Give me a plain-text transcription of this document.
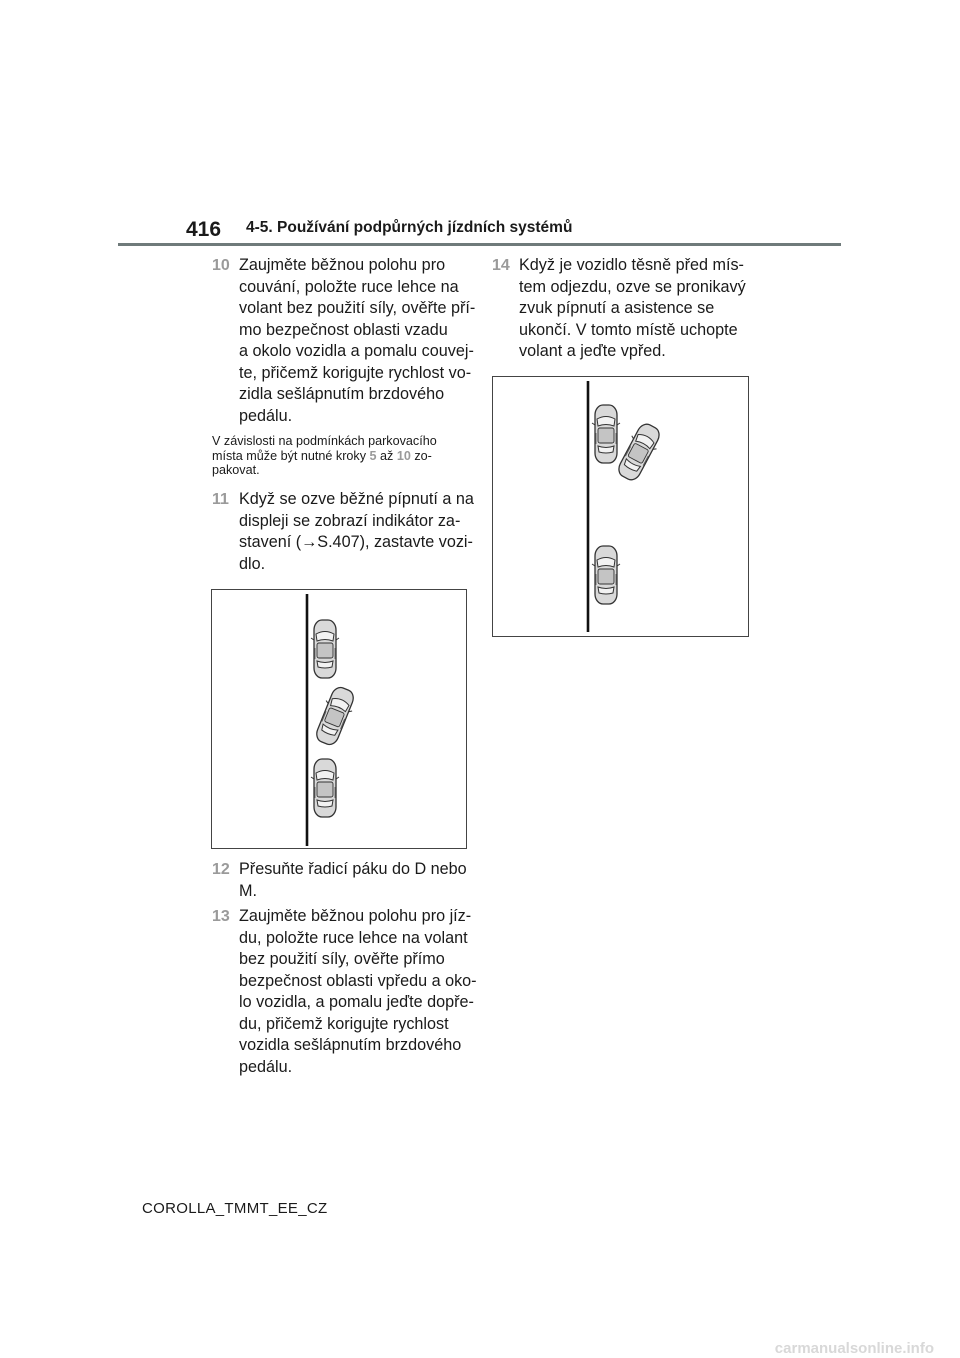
416 4-5. Používání podpůrných jízdních systémů
10 Zaujměte běžnou polohu pro
couvání, položte ruce lehce na
volant bez použití síly, ověřte pří-
mo bezpečnost oblasti vzadu
a okolo vozidla a pomalu couvej-
te, přičemž korigujte rychlost vo-
zidla sešlápnutím brzdového
pedálu.
V závislosti na podmínkách parkovacího
místa může být nutné kroky 5 až 10 zo-
pakovat.
11 Když se ozve běžné pípnutí a na
displeji se zobrazí indikátor za-
stavení (→S.407), zastavte vozi-
dlo.
12 Přesuňte řadicí páku do D nebo
M.
13 Zaujměte běžnou polohu pro jíz-
du, položte ruce lehce na volant
bez použití síly, ověřte přímo
bezpečnost oblasti vpředu a oko-
lo vozidla, a pomalu jeďte dopře-
du, přičemž korigujte rychlost
vozidla sešlápnutím brzdového
pedálu.
14 Když je vozidlo těsně před mís-
tem odjezdu, ozve se pronikavý
zvuk pípnutí a asistence se
ukončí. V tomto místě uchopte
volant a jeďte vpřed.
COROLLA_TMMT_EE_CZ
carmanualsonline.info
